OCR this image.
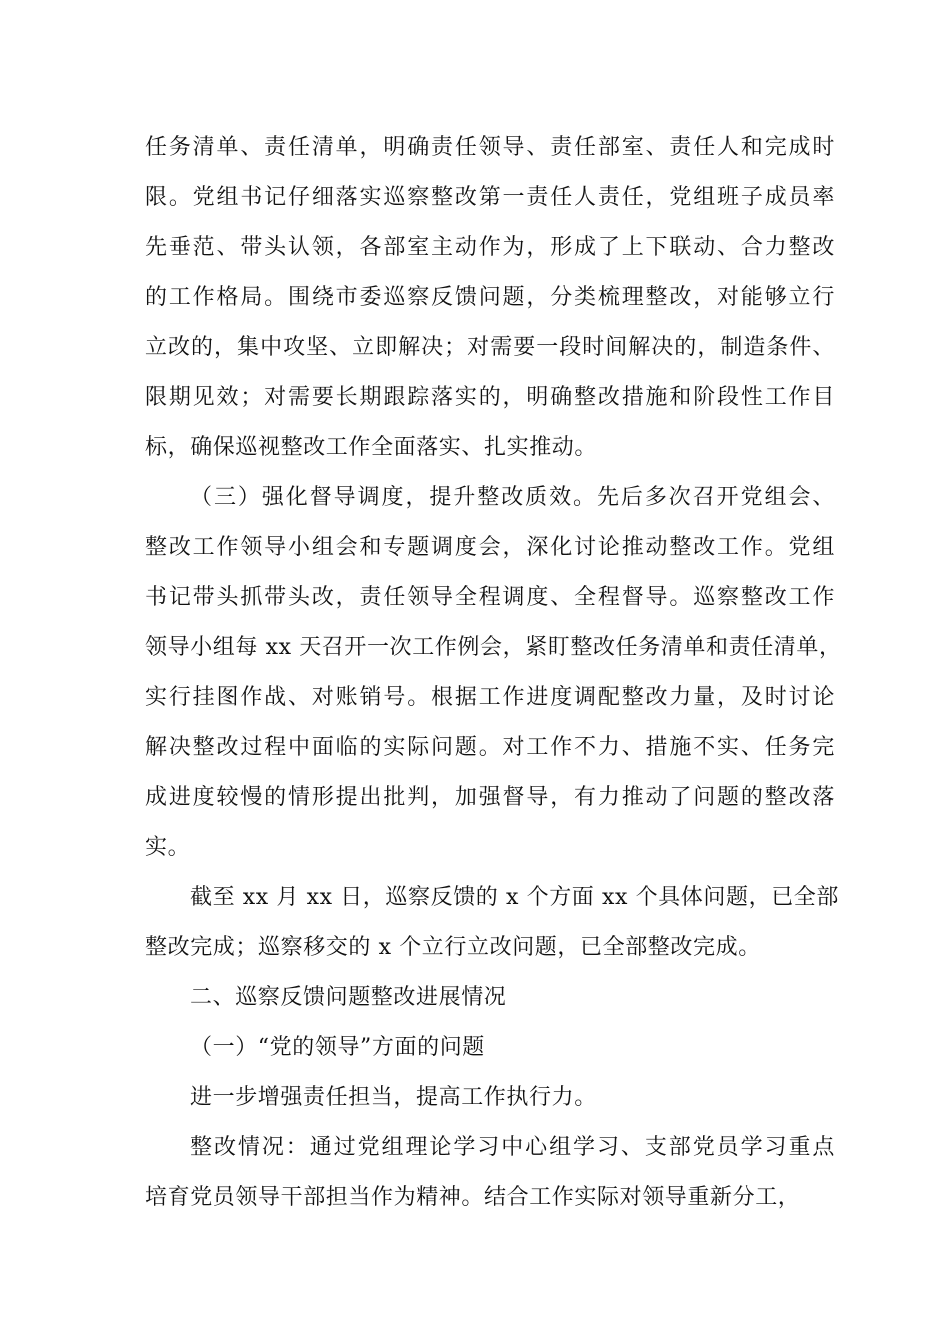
任务清单、责任清单，明确责任领导、责任部室、责任人和完成时
限。党组书记仔细落实巡察整改第一责任人责任，党组班子成员率
先垂范、带头认领，各部室主动作为，形成了上下联动、合力整改
的工作格局。围绕市委巡察反馈问题，分类梳理整改，对能够立行
立改的，集中攻坚、立即解决；对需要一段时间解决的，制造条件、
限期见效；对需要长期跟踪落实的，明确整改措施和阶段性工作目
标，确保巡视整改工作全面落实、扎实推动。
（三）强化督导调度，提升整改质效。先后多次召开党组会、
整改工作领导小组会和专题调度会，深化讨论推动整改工作。党组
书记带头抓带头改，责任领导全程调度、全程督导。巡察整改工作
领导小组每 xx 天召开一次工作例会，紧盯整改任务清单和责任清单，
实行挂图作战、对账销号。根据工作进度调配整改力量，及时讨论
解决整改过程中面临的实际问题。对工作不力、措施不实、任务完
成进度较慢的情形提出批判，加强督导，有力推动了问题的整改落
实。
截至 xx 月 xx 日，巡察反馈的 x 个方面 xx 个具体问题，已全部
整改完成；巡察移交的 x 个立行立改问题，已全部整改完成。
二、巡察反馈问题整改进展情况
（一）“党的领导”方面的问题
进一步增强责任担当，提高工作执行力。
整改情况：通过党组理论学习中心组学习、支部党员学习重点
培育党员领导干部担当作为精神。结合工作实际对领导重新分工，
